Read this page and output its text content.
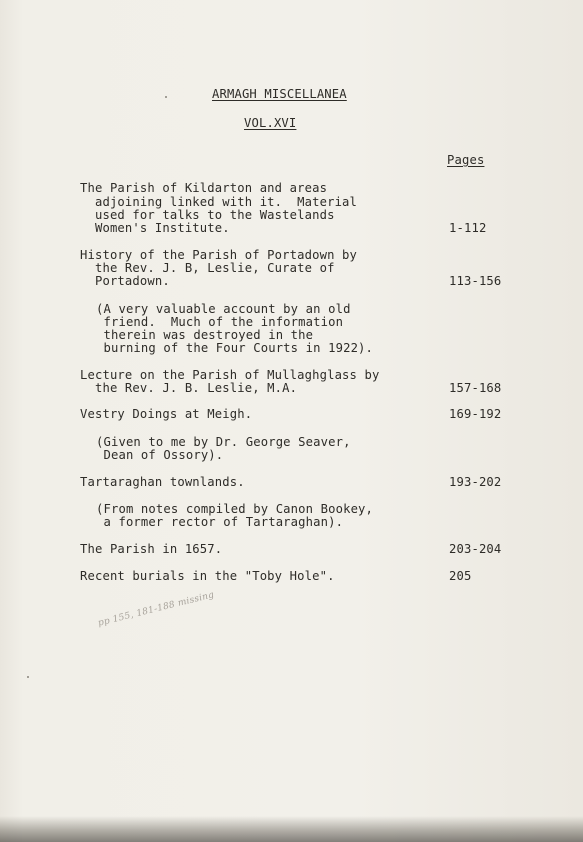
ARMAGH MISCELLANEA
VOL.XVI
Pages
The Parish of Kildarton and areas
adjoining linked with it.  Material
used for talks to the Wastelands
Women's Institute.	1-112
History of the Parish of Portadown by
the Rev. J. B, Leslie, Curate of
Portadown.	113-156
(A very valuable account by an old
friend.  Much of the information
therein was destroyed in the
burning of the Four Courts in 1922).
Lecture on the Parish of Mullaghglass by
the Rev. J. B. Leslie, M.A.	157-168
Vestry Doings at Meigh.	169-192
(Given to me by Dr. George Seaver,
Dean of Ossory).
Tartaraghan townlands.	193-202
(From notes compiled by Canon Bookey,
a former rector of Tartaraghan).
The Parish in 1657.	203-204
Recent burials in the "Toby Hole".	205
pp 155, 181-188 missing
